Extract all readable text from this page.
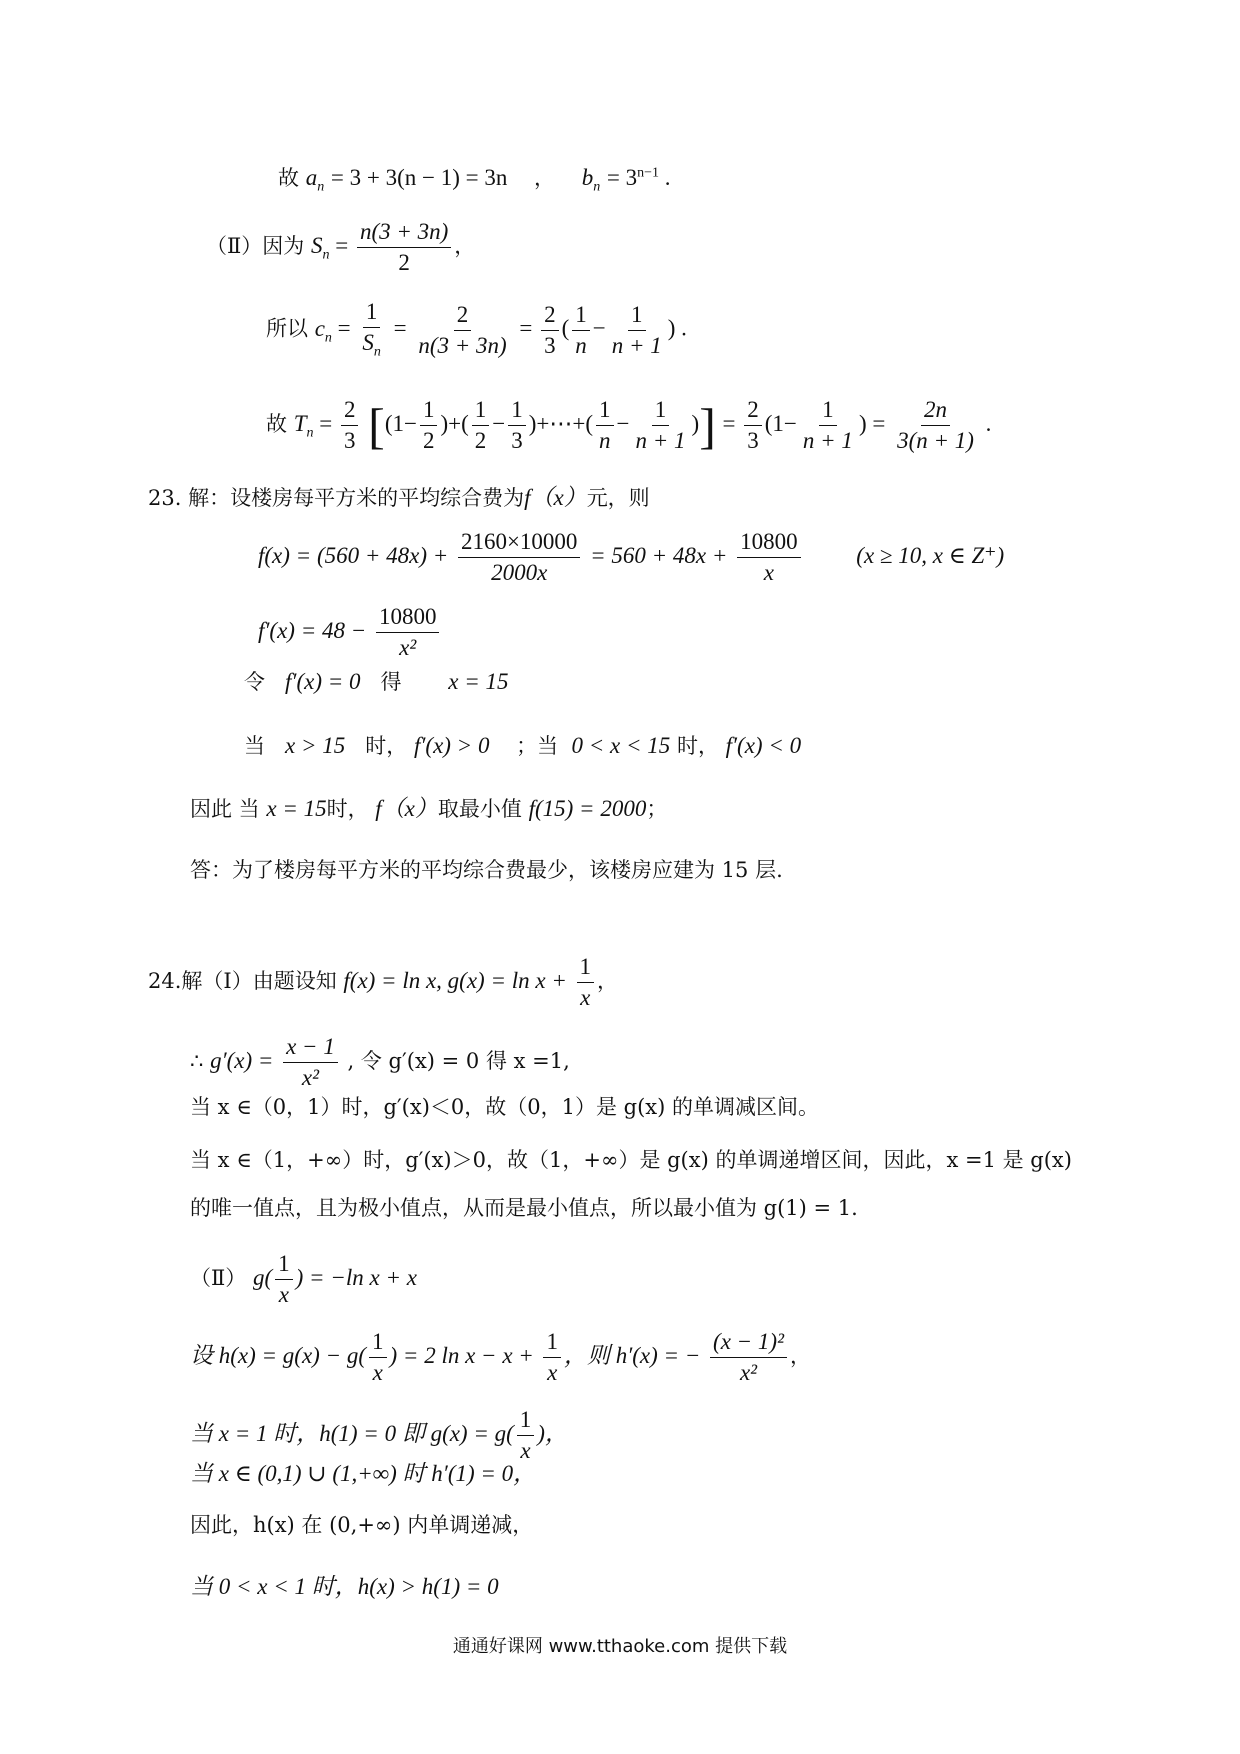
故 $a_n = 3 + 3(n - 1) = 3n$ ， $b_n = 3^{n-1}$ .
（Ⅱ）因为 $S_n = \frac{n(3 + 3n)}{2}$ ，
所以 $c_n = \frac{1}{S_n} = \frac{2}{n(3 + 3n)} = \frac{2}{3}$ ( $\frac{1}{n} - \frac{1}{n + 1}$ ) .
故 $T_n = \frac{2}{3} [(1- \frac{1}{2}$ )+( $\frac{1}{2} - \frac{1}{3}$ )+⋯+( $\frac{1}{n} - \frac{1}{n + 1}$ )] = $\frac{2}{3} (1- \frac{1}{n + 1}$ ) = $\frac{2n}{3(n + 1)}$ .
23. 解：设楼房每平方米的平均综合费为f（x）元，则
$f(x) = (560 + 48x) + \frac{2160\times 10000}{2000x} = 560 + 48x + \frac{10800}{x} (x \ge 10$, x ∈ Z⁺)
$f'(x) = 48 - \frac{10800}{\text{x²}}$
令 f′(x) = 0 得 x = 15
当 x > 15 时， f′(x) > 0 ；当 0 < x < 15 时， f′(x) < 0
因此 当 x = 15时， f（x）取最小值 f(15) = 2000；
答：为了楼房每平方米的平均综合费最少，该楼房应建为 15 层.
24.解（Ⅰ）由题设知 f(x) = ln x, $g(x) = \ln x + \frac{1}{x}$ ，
∴ $g'(x) = \frac{x - 1}{\text{x²}}$ , 令 g′(x) = 0 得 x =1,
当 x ∈（0，1）时，g′(x)＜0，故（0，1）是 g(x) 的单调减区间。
当 x ∈（1，+∞）时，g′(x)＞0，故（1，+∞）是 g(x) 的单调递增区间，因此，x =1 是 g(x)
的唯一值点，且为极小值点，从而是最小值点，所以最小值为 g(1) = 1.
（Ⅱ） $g( \frac{1}{x}$ ) = −ln x + x
设 $h(x) = g(x) - g( \frac{1}{x}$ ) = 2 $\ln x - x + \frac{1}{x}$ ，则 h′(x) = − $\frac{\text{(x − 1)²}}{\text{x²}}$ ，
当 x = 1 时，h(1) = 0 即 $g(x) = g( \frac{1}{x}$ )，
当 x ∈ (0,1) ∪ (1,+∞) 时 h′(1) = 0，
因此，h(x) 在 (0,+∞) 内单调递减，
当 0 < x < 1 时，h(x) > h(1) = 0
通通好课网 www.tthaoke.com 提供下载
